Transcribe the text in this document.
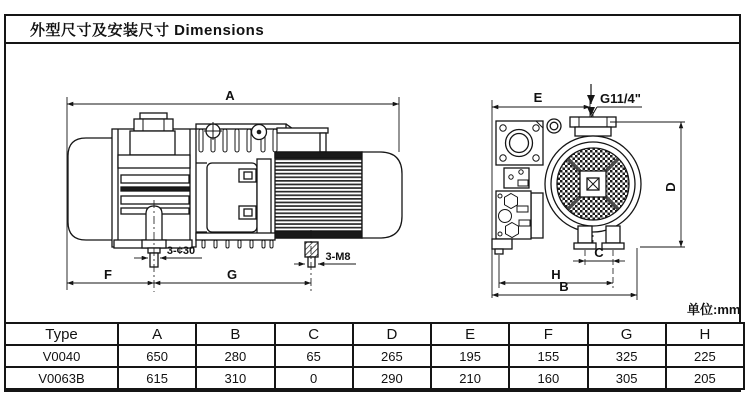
外型尺寸及安装尺寸 Dimensions
A
F	G
3-¢30	3-M8
E	G11/4"
D
C
H
B
单位:mm
Type	A	B	C	D	E	F	G	H
V0040	650	280	65	265	195	155	325	225
V0063B	615	310	0	290	210	160	305	205
